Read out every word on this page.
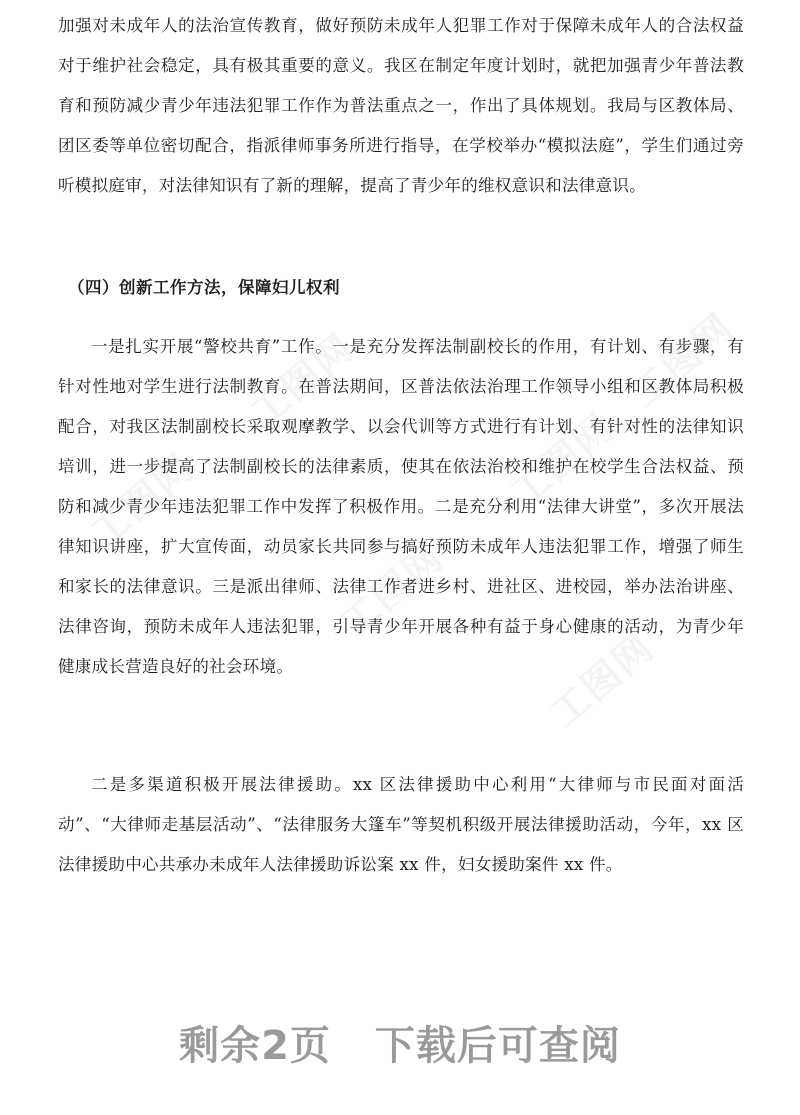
加强对未成年人的法治宣传教育，做好预防未成年人犯罪工作对于保障未成年人的合法权益对于维护社会稳定，具有极其重要的意义。我区在制定年度计划时，就把加强青少年普法教育和预防减少青少年违法犯罪工作作为普法重点之一，作出了具体规划。我局与区教体局、团区委等单位密切配合，指派律师事务所进行指导，在学校举办“模拟法庭”，学生们通过旁听模拟庭审，对法律知识有了新的理解，提高了青少年的维权意识和法律意识。

（四）创新工作方法，保障妇儿权利

一是扎实开展“警校共育”工作。一是充分发挥法制副校长的作用，有计划、有步骤，有针对性地对学生进行法制教育。在普法期间，区普法依法治理工作领导小组和区教体局积极配合，对我区法制副校长采取观摩教学、以会代训等方式进行有计划、有针对性的法律知识培训，进一步提高了法制副校长的法律素质，使其在依法治校和维护在校学生合法权益、预防和减少青少年违法犯罪工作中发挥了积极作用。二是充分利用“法律大讲堂”，多次开展法律知识讲座，扩大宣传面，动员家长共同参与搞好预防未成年人违法犯罪工作，增强了师生和家长的法律意识。三是派出律师、法律工作者进乡村、进社区、进校园，举办法治讲座、法律咨询，预防未成年人违法犯罪，引导青少年开展各种有益于身心健康的活动，为青少年健康成长营造良好的社会环境。

二是多渠道积极开展法律援助。xx 区法律援助中心利用“大律师与市民面对面活动”、“大律师走基层活动”、“法律服务大篷车”等契机积级开展法律援助活动，今年，xx 区法律援助中心共承办未成年人法律援助诉讼案 xx 件，妇女援助案件 xx 件。

剩余2页 下载后可查阅
